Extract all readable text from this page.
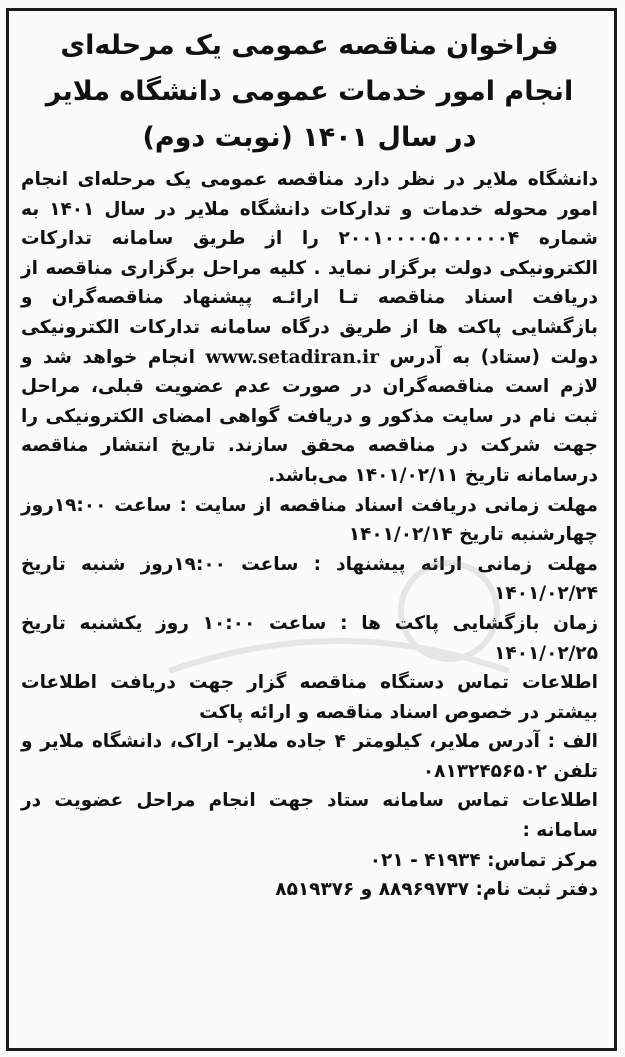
فراخوان مناقصه عمومی یک مرحله‌ای
انجام امور خدمات عمومی دانشگاه ملایر
در سال ۱۴۰۱ (نوبت دوم)

دانشگاه ملایر در نظر دارد مناقصه عمومی یک مرحله‌ای انجام امور محوله خدمات و تدارکات دانشگاه ملایر در سال ۱۴۰۱ به شماره ۲۰۰۱۰۰۰۰۵۰۰۰۰۰۰۴ را از طریق سامانه تدارکات الکترونیکی دولت برگزار نماید . کلیه مراحل برگزاری مناقصه از دریافت اسناد مناقصه تـا ارائـه پیشنهاد مناقصه‌گران و بازگشایی پاکت ها از طریق درگاه سامانه تدارکات الکترونیکی دولت (ستاد) به آدرس www.setadiran.ir انجام خواهد شد و لازم است مناقصه‌گران در صورت عدم عضویت قبلی، مراحل ثبت نام در سایت مذکور و دریافت گواهی امضای الکترونیکی را جهت شرکت در مناقصه محقق سازند. تاریخ انتشار مناقصه درسامانه تاریخ ۱۴۰۱/۰۲/۱۱ می‌باشد.

مهلت زمانی دریافت اسناد مناقصه از سایت : ساعت ۱۹:۰۰روز چهارشنبه تاریخ ۱۴۰۱/۰۲/۱۴

مهلت زمانی ارائه پیشنهاد : ساعت ۱۹:۰۰روز شنبه تاریخ ۱۴۰۱/۰۲/۲۴

زمان بازگشایی پاکت ها : ساعت ۱۰:۰۰ روز یکشنبه تاریخ ۱۴۰۱/۰۲/۲۵

اطلاعات تماس دستگاه مناقصه گزار جهت دریافت اطلاعات بیشتر در خصوص اسناد مناقصه و ارائه پاکت

الف : آدرس ملایر، کیلومتر ۴ جاده ملایر- اراک، دانشگاه ملایر و تلفن ۰۸۱۳۲۴۵۶۵۰۲

اطلاعات تماس سامانه ستاد جهت انجام مراحل عضویت در سامانه :

مرکز تماس: ۴۱۹۳۴ - ۰۲۱

دفتر ثبت نام: ۸۸۹۶۹۷۳۷ و ۸۵۱۹۳۷۶
